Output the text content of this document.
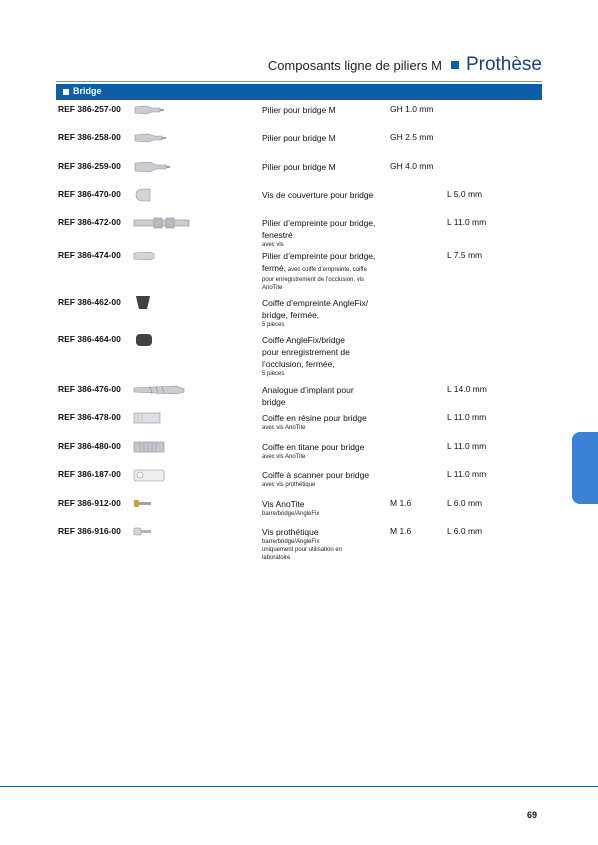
Composants ligne de piliers M Prothèse
Bridge
REF 386-257-00	Pilier pour bridge M	GH 1.0 mm
REF 386-258-00	Pilier pour bridge M	GH 2.5 mm
REF 386-259-00	Pilier pour bridge M	GH 4.0 mm
REF 386-470-00	Vis de couverture pour bridge	L 5.0 mm
REF 386-472-00	Pilier d’empreinte pour bridge,
fenestré
avec vis
L 11.0 mm
REF 386-474-00	Pilier d’empreinte pour bridge,
fermé, avec coiffe d’empreinte, coiffe
pour enregistrement de l’occlusion, vis
AnoTite
L 7.5 mm
REF 386-462-00	Coiffe d’empreinte AngleFix/
bridge, fermée,
5 pièces
REF 386-464-00	Coiffe AngleFix/bridge
pour enregistrement de
l’occlusion, fermée,
5 pièces
REF 386-476-00	Analogue d’implant pour
bridge
L 14.0 mm
REF 386-478-00	Coiffe en résine pour bridge
avec vis AnoTite
L 11.0 mm
REF 386-480-00	Coiffe en titane pour bridge
avec vis AnoTite
L 11.0 mm
REF 386-187-00	Coiffe à scanner pour bridge
avec vis prothétique
L 11.0 mm
REF 386-912-00	Vis AnoTite
barre/bridge/AngleFix
M 1.6	L 6.0 mm
REF 386-916-00	Vis prothétique
barre/bridge/AngleFix
uniquement pour utilisation en
laboratoire
M 1.6	L 6.0 mm
69
